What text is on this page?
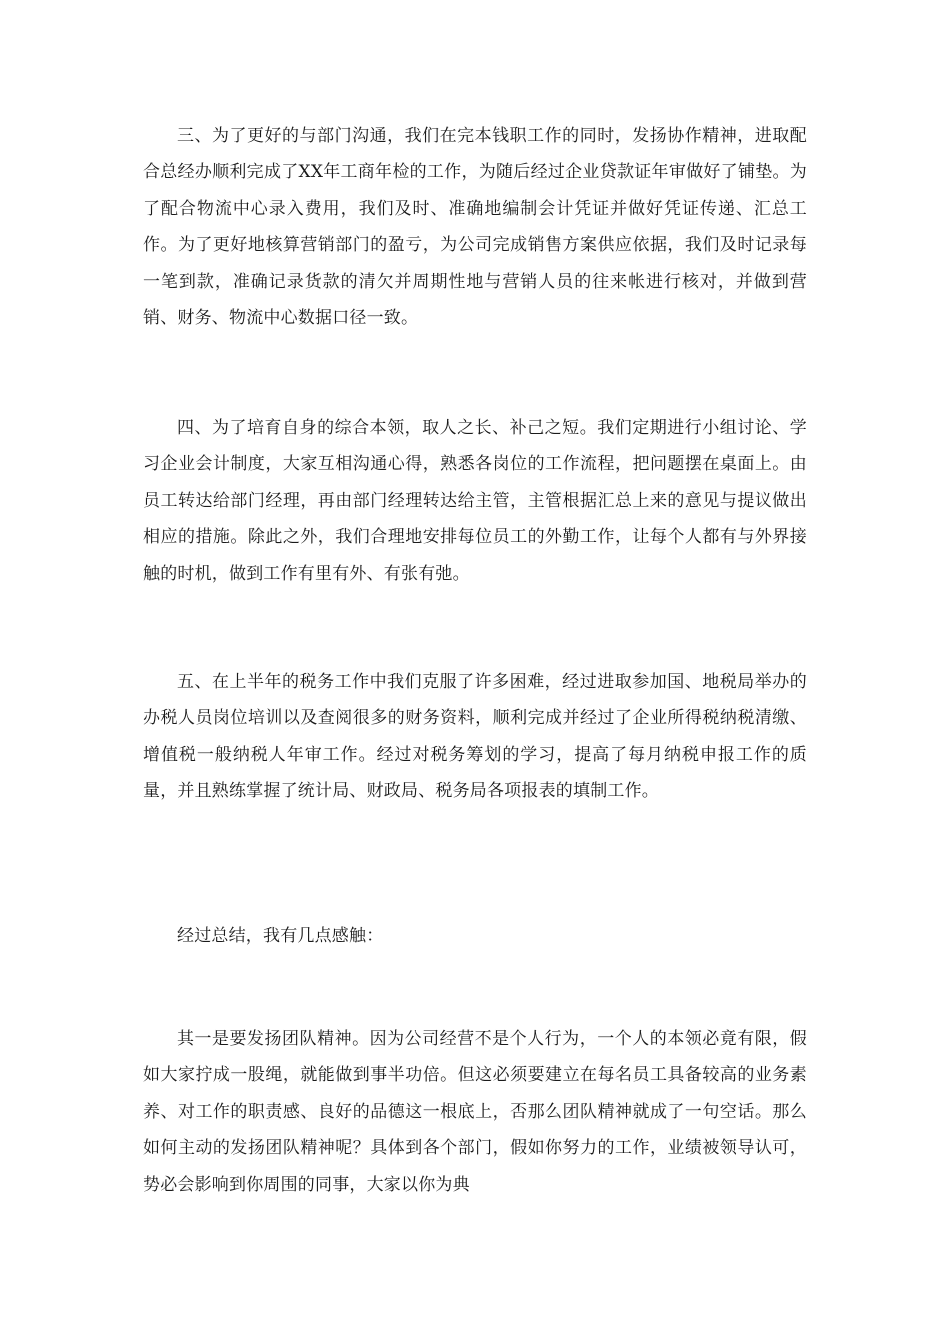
三、为了更好的与部门沟通，我们在完本钱职工作的同时，发扬协作精神，进取配合总经办顺利完成了XX年工商年检的工作，为随后经过企业贷款证年审做好了铺垫。为了配合物流中心录入费用，我们及时、准确地编制会计凭证并做好凭证传递、汇总工作。为了更好地核算营销部门的盈亏，为公司完成销售方案供应依据，我们及时记录每一笔到款，准确记录货款的清欠并周期性地与营销人员的往来帐进行核对，并做到营销、财务、物流中心数据口径一致。

四、为了培育自身的综合本领，取人之长、补己之短。我们定期进行小组讨论、学习企业会计制度，大家互相沟通心得，熟悉各岗位的工作流程，把问题摆在桌面上。由员工转达给部门经理，再由部门经理转达给主管，主管根据汇总上来的意见与提议做出相应的措施。除此之外，我们合理地安排每位员工的外勤工作，让每个人都有与外界接触的时机，做到工作有里有外、有张有弛。

五、在上半年的税务工作中我们克服了许多困难，经过进取参加国、地税局举办的办税人员岗位培训以及查阅很多的财务资料，顺利完成并经过了企业所得税纳税清缴、增值税一般纳税人年审工作。经过对税务筹划的学习，提高了每月纳税申报工作的质量，并且熟练掌握了统计局、财政局、税务局各项报表的填制工作。

经过总结，我有几点感触：

其一是要发扬团队精神。因为公司经营不是个人行为，一个人的本领必竟有限，假如大家拧成一股绳，就能做到事半功倍。但这必须要建立在每名员工具备较高的业务素养、对工作的职责感、良好的品德这一根底上，否那么团队精神就成了一句空话。那么如何主动的发扬团队精神呢？具体到各个部门，假如你努力的工作，业绩被领导认可，势必会影响到你周围的同事，大家以你为典
